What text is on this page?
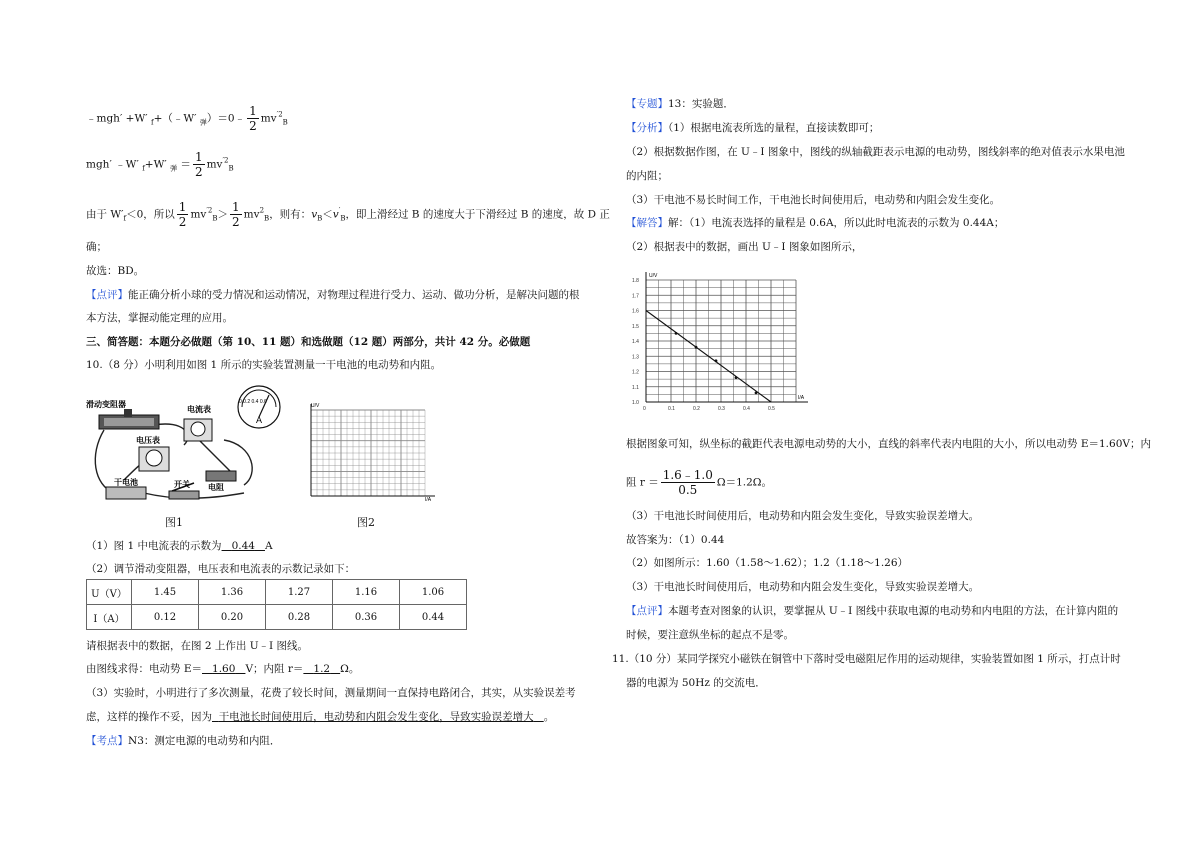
﹣mgh′ +W′ $_f$+（﹣W′ $_弹$）＝0﹣ $\frac{1}{2} mv^{'2}_B$
mgh′ ﹣W′ $_f$+W′ $_弹 = \frac{1}{2} mv^{'2}_B$
由于 $W'_f<0$，所以 $\frac{1}{2} mv^{'2}_B> \frac{1}{2} mv^2_B$，则有：$v_B<v'_B$，即上滑经过 B 的速度大于下滑经过 B 的速度，故 D 正
确；
故选：BD。
【点评】能正确分析小球的受力情况和运动情况，对物理过程进行受力、运动、做功分析，是解决问题的根
本方法，掌握动能定理的应用。
三、简答题：本题分必做题（第 10、11 题）和选做题（12 题）两部分，共计 42 分。必做题
10.（8 分）小明利用如图 1 所示的实验装置测量一干电池的电动势和内阻。
滑动变阻器
电流表
电压表
干电池	开关 电阻
A
0 0.2 0.4 0.6
图1
U/V
I/A
图2
（1）图 1 中电流表的示数为 0.44 A
（2）调节滑动变阻器，电压表和电流表的示数记录如下：
U（V）	1.45	1.36	1.27	1.16	1.06
I（A）	0.12	0.20	0.28	0.36	0.44
请根据表中的数据，在图 2 上作出 U﹣I 图线。
由图线求得：电动势 E＝ 1.60 V；内阻 r＝ 1.2 Ω。
（3）实验时，小明进行了多次测量，花费了较长时间，测量期间一直保持电路闭合，其实，从实验误差考
虑，这样的操作不妥，因为 干电池长时间使用后，电动势和内阻会发生变化，导致实验误差增大 。
【考点】N3：测定电源的电动势和内阻．
【专题】13：实验题．
【分析】（1）根据电流表所选的量程，直接读数即可；
（2）根据数据作图，在 U﹣I 图象中，图线的纵轴截距表示电源的电动势，图线斜率的绝对值表示水果电池
的内阻；
（3）干电池不易长时间工作，干电池长时间使用后，电动势和内阻会发生变化。
【解答】解：（1）电流表选择的量程是 0.6A，所以此时电流表的示数为 0.44A；
（2）根据表中的数据，画出 U﹣I 图象如图所示，
0	0.1	0.2	0.3	0.4	0.5
1.0
1.1
1.2
1.3
1.4
1.5
1.6
1.7
1.8
I/A
U/V
根据图象可知，纵坐标的截距代表电源电动势的大小，直线的斜率代表内电阻的大小，所以电动势 E＝1.60V；内
阻 $r = \frac{1.6﹣1.0}{0.5} \Omega=1.2\Omega$。
（3）干电池长时间使用后，电动势和内阻会发生变化，导致实验误差增大。
故答案为：（1）0.44
（2）如图所示：1.60（1.58～1.62）；1.2（1.18～1.26）
（3）干电池长时间使用后，电动势和内阻会发生变化，导致实验误差增大。
【点评】本题考查对图象的认识，要掌握从 U﹣I 图线中获取电源的电动势和内电阻的方法，在计算内阻的
时候，要注意纵坐标的起点不是零。
11.（10 分）某同学探究小磁铁在铜管中下落时受电磁阻尼作用的运动规律，实验装置如图 1 所示，打点计时
器的电源为 50Hz 的交流电．
